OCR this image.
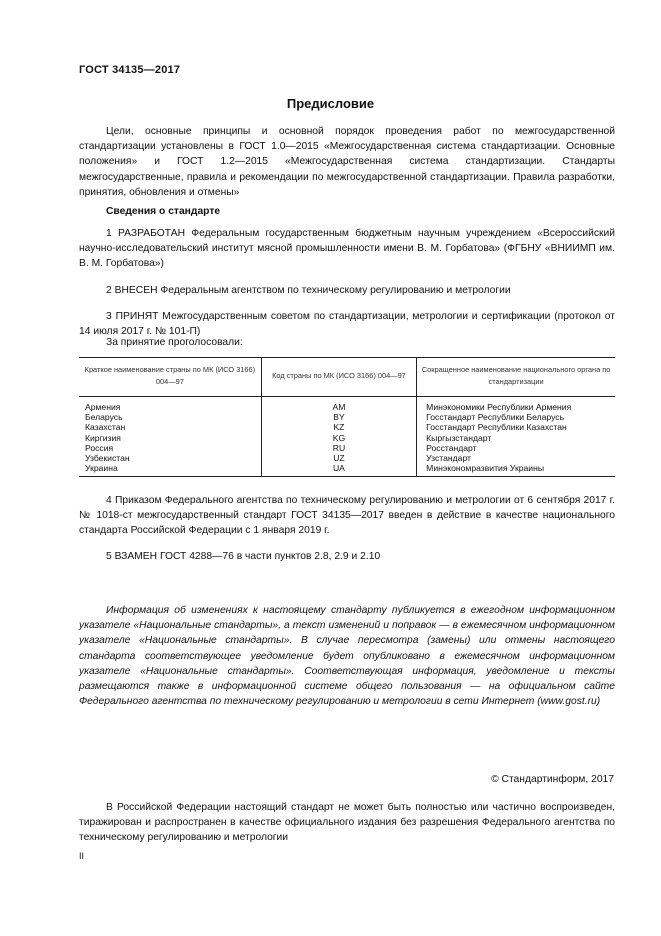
ГОСТ 34135—2017
Предисловие

Цели, основные принципы и основной порядок проведения работ по межгосударственной стандартизации установлены в ГОСТ 1.0—2015 «Межгосударственная система стандартизации. Основные положения» и ГОСТ 1.2—2015 «Межгосударственная система стандартизации. Стандарты межгосударственные, правила и рекомендации по межгосударственной стандартизации. Правила разработки, принятия, обновления и отмены»

Сведения о стандарте

1 РАЗРАБОТАН Федеральным государственным бюджетным научным учреждением «Всероссийский научно-исследовательский институт мясной промышленности имени В. М. Горбатова» (ФГБНУ «ВНИИМП им. В. М. Горбатова»)

2 ВНЕСЕН Федеральным агентством по техническому регулированию и метрологии

3 ПРИНЯТ Межгосударственным советом по стандартизации, метрологии и сертификации (протокол от 14 июля 2017 г. № 101-П)

За принятие проголосовали:
Краткое наименование страны по МК (ИСО 3166) 004—97	Код страны по МК (ИСО 3166) 004—97	Сокращенное наименование национального органа по стандартизации
Армения	AM	Минэкономики Республики Армения
Беларусь	BY	Госстандарт Республики Беларусь
Казахстан	KZ	Госстандарт Республики Казахстан
Киргизия	KG	Кыргызстандарт
Россия	RU	Росстандарт
Узбекистан	UZ	Узстандарт
Украина	UA	Минэкономразвития Украины

4 Приказом Федерального агентства по техническому регулированию и метрологии от 6 сентября 2017 г. № 1018-ст межгосударственный стандарт ГОСТ 34135—2017 введен в действие в качестве национального стандарта Российской Федерации с 1 января 2019 г.

5 ВЗАМЕН ГОСТ 4288—76 в части пунктов 2.8, 2.9 и 2.10

Информация об изменениях к настоящему стандарту публикуется в ежегодном информационном указателе «Национальные стандарты», а текст изменений и поправок — в ежемесячном информационном указателе «Национальные стандарты». В случае пересмотра (замены) или отмены настоящего стандарта соответствующее уведомление будет опубликовано в ежемесячном информационном указателе «Национальные стандарты». Соответствующая информация, уведомление и тексты размещаются также в информационной системе общего пользования — на официальном сайте Федерального агентства по техническому регулированию и метрологии в сети Интернет (www.gost.ru)

© Стандартинформ, 2017

В Российской Федерации настоящий стандарт не может быть полностью или частично воспроизведен, тиражирован и распространен в качестве официального издания без разрешения Федерального агентства по техническому регулированию и метрологии

II
